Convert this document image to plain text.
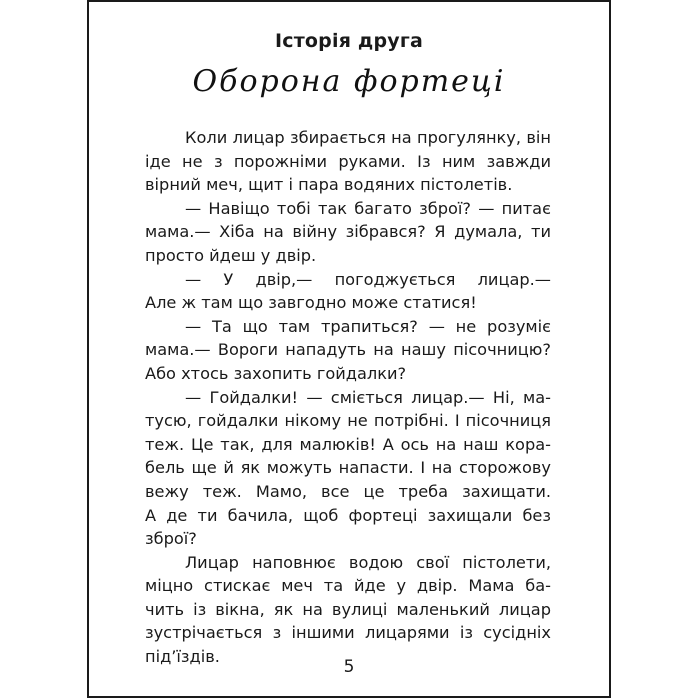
Історія друга
Оборона фортеці
Коли лицар збирається на прогулянку, він
іде не з порожніми руками. Із ним завжди
вірний меч, щит і пара водяних пістолетів.
— Навіщо тобі так багато зброї? — питає
мама.— Хіба на війну зібрався? Я думала, ти
просто йдеш у двір.
— У двір,— погоджується лицар.—
Але ж там що завгодно може статися!
— Та що там трапиться? — не розуміє
мама.— Вороги нападуть на нашу пісочницю?
Або хтось захопить гойдалки?
— Гойдалки! — сміється лицар.— Ні, ма-
тусю, гойдалки нікому не потрібні. І пісочниця
теж. Це так, для малюків! А ось на наш кора-
бель ще й як можуть напасти. І на сторожову
вежу теж. Мамо, все це треба захищати.
А де ти бачила, щоб фортеці захищали без
зброї?
Лицар наповнює водою свої пістолети,
міцно стискає меч та йде у двір. Мама ба-
чить із вікна, як на вулиці маленький лицар
зустрічається з іншими лицарями із сусідніх
під’їздів.
5
